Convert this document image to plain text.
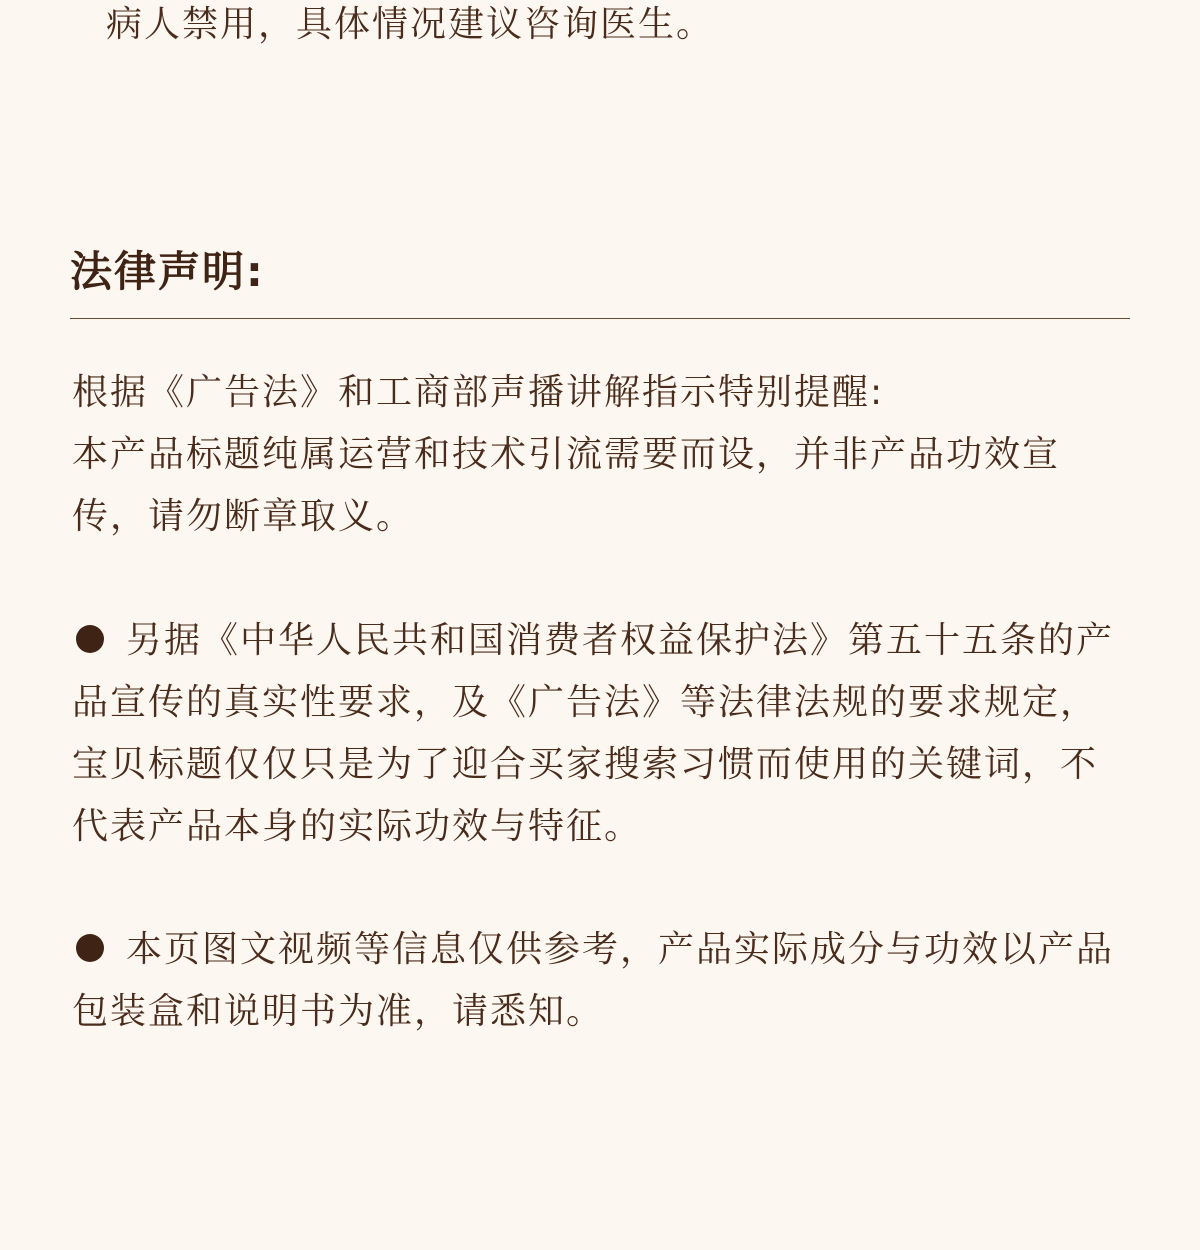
病人禁用，具体情况建议咨询医生。
法律声明:

根据《广告法》和工商部声播讲解指示特别提醒:

本产品标题纯属运营和技术引流需要而设，并非产品功效宣传，请勿断章取义。

另据《中华人民共和国消费者权益保护法》第五十五条的产品宣传的真实性要求，及《广告法》等法律法规的要求规定，宝贝标题仅仅只是为了迎合买家搜索习惯而使用的关键词，不代表产品本身的实际功效与特征。
本页图文视频等信息仅供参考，产品实际成分与功效以产品包装盒和说明书为准，请悉知。
